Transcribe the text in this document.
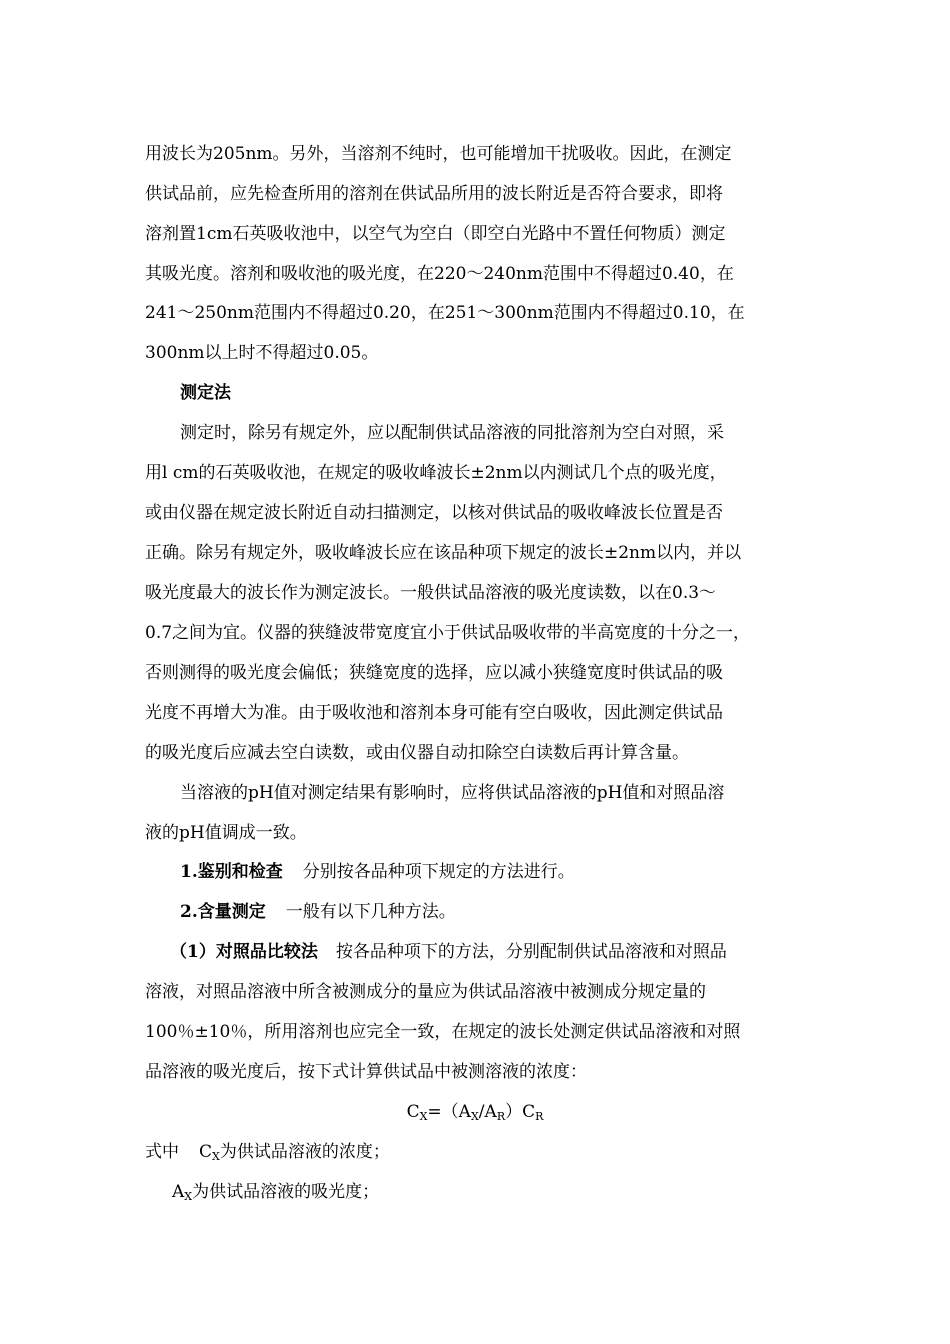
用波长为205nm。另外，当溶剂不纯时，也可能增加干扰吸收。因此，在测定
供试品前，应先检查所用的溶剂在供试品所用的波长附近是否符合要求，即将
溶剂置1cm石英吸收池中，以空气为空白（即空白光路中不置任何物质）测定
其吸光度。溶剂和吸收池的吸光度，在220～240nm范围中不得超过0.40，在
241～250nm范围内不得超过0.20，在251～300nm范围内不得超过0.10，在
300nm以上时不得超过0.05。
测定法
测定时，除另有规定外，应以配制供试品溶液的同批溶剂为空白对照，采
用l cm的石英吸收池，在规定的吸收峰波长±2nm以内测试几个点的吸光度，
或由仪器在规定波长附近自动扫描测定，以核对供试品的吸收峰波长位置是否
正确。除另有规定外，吸收峰波长应在该品种项下规定的波长±2nm以内，并以
吸光度最大的波长作为测定波长。一般供试品溶液的吸光度读数，以在0.3～
0.7之间为宜。仪器的狭缝波带宽度宜小于供试品吸收带的半高宽度的十分之一，
否则测得的吸光度会偏低；狭缝宽度的选择，应以减小狭缝宽度时供试品的吸
光度不再增大为准。由于吸收池和溶剂本身可能有空白吸收，因此测定供试品
的吸光度后应减去空白读数，或由仪器自动扣除空白读数后再计算含量。
当溶液的pH值对测定结果有影响时，应将供试品溶液的pH值和对照品溶
液的pH值调成一致。
1.鉴别和检查 分别按各品种项下规定的方法进行。
2.含量测定 一般有以下几种方法。
（1）对照品比较法 按各品种项下的方法，分别配制供试品溶液和对照品
溶液，对照品溶液中所含被测成分的量应为供试品溶液中被测成分规定量的
100％±10％，所用溶剂也应完全一致，在规定的波长处测定供试品溶液和对照
品溶液的吸光度后，按下式计算供试品中被测溶液的浓度：
$C_X=(A_X/A_R)C_R$
式中 $C_X$为供试品溶液的浓度；
$A_X$为供试品溶液的吸光度；
